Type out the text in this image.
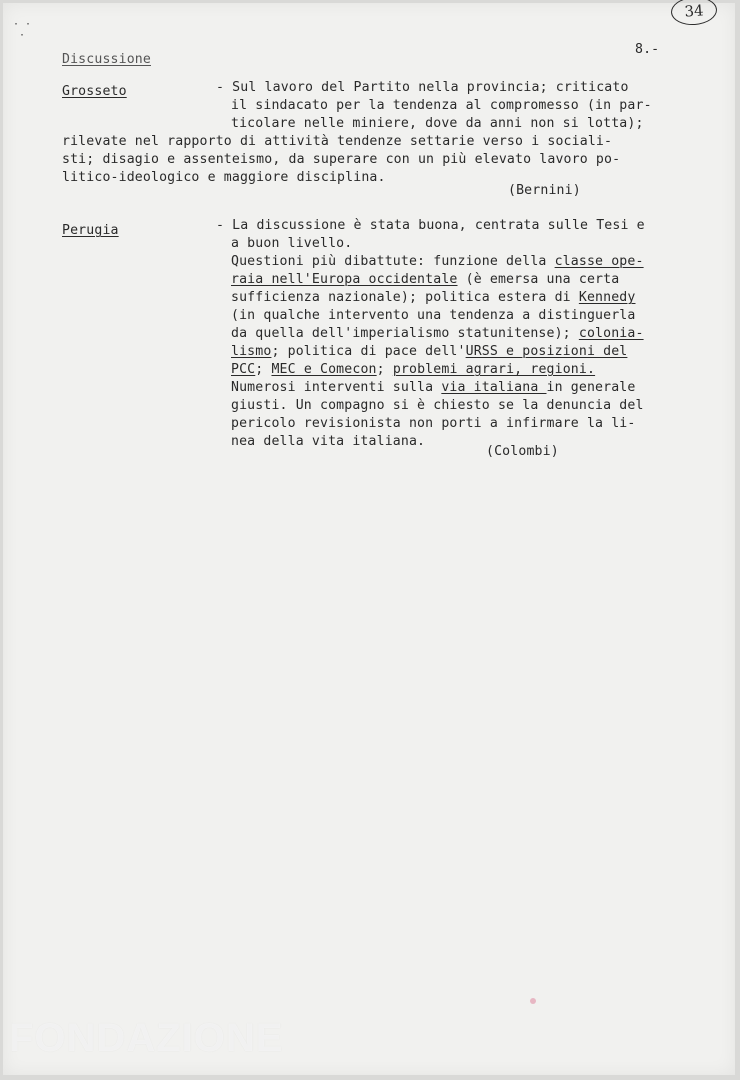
· ·
·
34
8.-
Discussione
Grosseto	- Sul lavoro del Partito nella provincia; criticato
il sindacato per la tendenza al compromesso (in par-
ticolare nelle miniere, dove da anni non si lotta);
rilevate nel rapporto di attività tendenze settarie verso i sociali-
sti; disagio e assenteismo, da superare con un più elevato lavoro po-
litico-ideologico e maggiore disciplina.
(Bernini)
Perugia	- La discussione è stata buona, centrata sulle Tesi e
a buon livello.
Questioni più dibattute: funzione della classe ope-
raia nell'Europa occidentale (è emersa una certa
sufficienza nazionale); politica estera di Kennedy
(in qualche intervento una tendenza a distinguerla
da quella dell'imperialismo statunitense); colonia-
lismo; politica di pace dell'URSS e posizioni del
PCC; MEC e Comecon; problemi agrari, regioni.
Numerosi interventi sulla via italiana in generale
giusti. Un compagno si è chiesto se la denuncia del
pericolo revisionista non porti a infirmare la li-
nea della vita italiana.
(Colombi)
FONDAZIONE
